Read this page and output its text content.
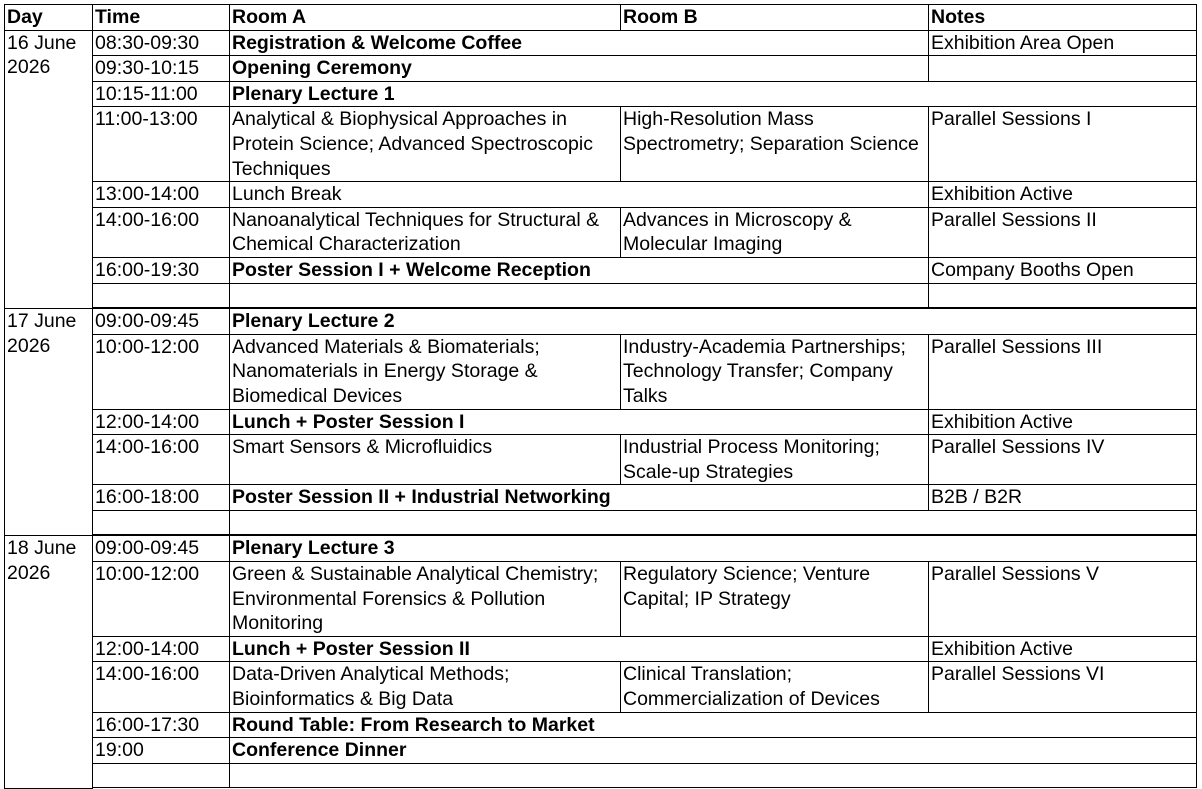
Day	Time	Room A	Room B	Notes
16 June 2026	08:30-09:30	Registration & Welcome Coffee		Exhibition Area Open
	09:30-10:15	Opening Ceremony		
	10:15-11:00	Plenary Lecture 1		
	11:00-13:00	Analytical & Biophysical Approaches in Protein Science; Advanced Spectroscopic Techniques	High-Resolution Mass Spectrometry; Separation Science	Parallel Sessions I
	13:00-14:00	Lunch Break		Exhibition Active
	14:00-16:00	Nanoanalytical Techniques for Structural & Chemical Characterization	Advances in Microscopy & Molecular Imaging	Parallel Sessions II
	16:00-19:30	Poster Session I + Welcome Reception		Company Booths Open

17 June 2026	09:00-09:45	Plenary Lecture 2		
	10:00-12:00	Advanced Materials & Biomaterials; Nanomaterials in Energy Storage & Biomedical Devices	Industry-Academia Partnerships; Technology Transfer; Company Talks	Parallel Sessions III
	12:00-14:00	Lunch + Poster Session I		Exhibition Active
	14:00-16:00	Smart Sensors & Microfluidics	Industrial Process Monitoring; Scale-up Strategies	Parallel Sessions IV
	16:00-18:00	Poster Session II + Industrial Networking		B2B / B2R

18 June 2026	09:00-09:45	Plenary Lecture 3		
	10:00-12:00	Green & Sustainable Analytical Chemistry; Environmental Forensics & Pollution Monitoring	Regulatory Science; Venture Capital; IP Strategy	Parallel Sessions V
	12:00-14:00	Lunch + Poster Session II		Exhibition Active
	14:00-16:00	Data-Driven Analytical Methods; Bioinformatics & Big Data	Clinical Translation; Commercialization of Devices	Parallel Sessions VI
	16:00-17:30	Round Table: From Research to Market		
	19:00	Conference Dinner		
